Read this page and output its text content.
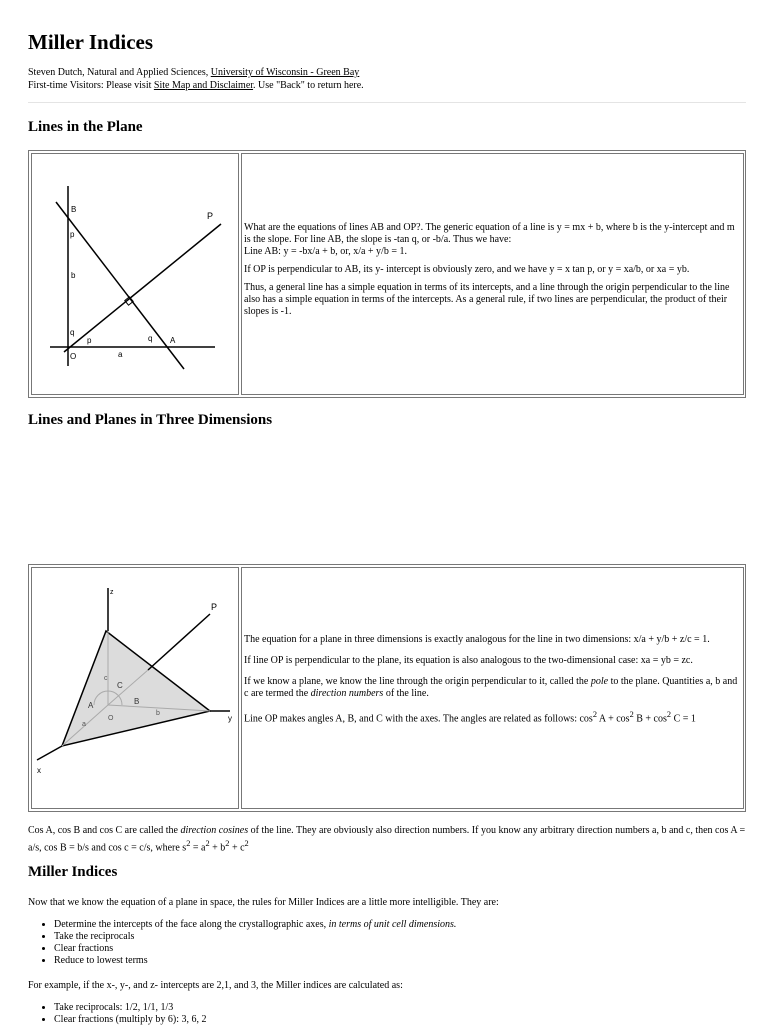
Miller Indices
Steven Dutch, Natural and Applied Sciences, University of Wisconsin - Green Bay
First-time Visitors: Please visit Site Map and Disclaimer. Use "Back" to return here.
Lines in the Plane
B
P
p
b
q
p	q A
O	a

What are the equations of lines AB and OP?. The generic equation of a line is y = mx + b, where b is the y-intercept and m is the slope. For line AB, the slope is -tan q, or -b/a. Thus we have:
Line AB: y = -bx/a + b, or, x/a + y/b = 1.

If OP is perpendicular to AB, its y- intercept is obviously zero, and we have y = x tan p, or y = xa/b, or xa = yb.

Thus, a general line has a simple equation in terms of its intercepts, and a line through the origin perpendicular to the line also has a simple equation in terms of the intercepts. As a general rule, if two lines are perpendicular, the product of their slopes is -1.

Lines and Planes in Three Dimensions
z
P
c
C
A	B
a
O
b
y
x

The equation for a plane in three dimensions is exactly analogous for the line in two dimensions: x/a + y/b + z/c = 1.

If line OP is perpendicular to the plane, its equation is also analogous to the two-dimensional case: xa = yb = zc.

If we know a plane, we know the line through the origin perpendicular to it, called the pole to the plane. Quantities a, b and c are termed the direction numbers of the line.

Line OP makes angles A, B, and C with the axes. The angles are related as follows: $\cos^2 A + \cos^2 B + \cos^2 C = 1$

Cos A, cos B and cos C are called the direction cosines of the line. They are obviously also direction numbers. If you know any arbitrary direction numbers a, b and c, then cos A = a/s, cos B = b/s and cos c = c/s, where $s^2 = a^2 + b^2 + c^2$
Miller Indices
Now that we know the equation of a plane in space, the rules for Miller Indices are a little more intelligible. They are:
• Determine the intercepts of the face along the crystallographic axes, in terms of unit cell dimensions.
• Take the reciprocals
• Clear fractions
• Reduce to lowest terms
For example, if the x-, y-, and z- intercepts are 2,1, and 3, the Miller indices are calculated as:
• Take reciprocals: 1/2, 1/1, 1/3
• Clear fractions (multiply by 6): 3, 6, 2
